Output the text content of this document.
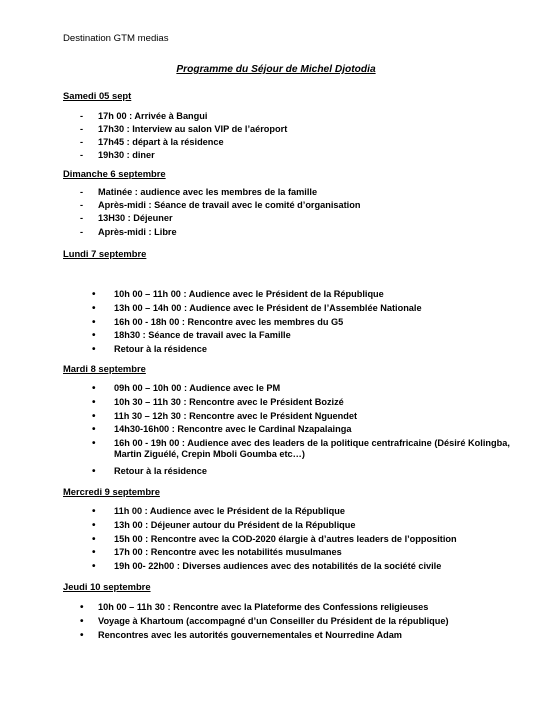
Destination GTM medias
Programme du Séjour de Michel Djotodia
Samedi 05 sept
- 17h 00 : Arrivée à Bangui
- 17h30 : Interview au salon VIP de l’aéroport
- 17h45 : départ à la résidence
- 19h30 : diner
Dimanche 6 septembre
- Matinée : audience avec les membres de la famille
- Après-midi : Séance de travail avec le comité d’organisation
- 13H30 : Déjeuner
- Après-midi : Libre
Lundi 7 septembre
• 10h 00 – 11h 00 : Audience avec le Président de la République
• 13h 00 – 14h 00 : Audience avec le Président de l’Assemblée Nationale
• 16h 00 - 18h 00 : Rencontre avec les membres du G5
• 18h30 : Séance de travail avec la Famille
• Retour à la résidence
Mardi 8 septembre
• 09h 00 – 10h 00 : Audience avec le PM
• 10h 30 – 11h 30 : Rencontre avec le Président Bozizé
• 11h 30 – 12h 30 : Rencontre avec le Président Nguendet
• 14h30-16h00 : Rencontre avec le Cardinal Nzapalainga
• 16h 00 - 19h 00 : Audience avec des leaders de la politique centrafricaine (Désiré Kolingba, Martin Ziguélé, Crepin Mboli Goumba etc…)
• Retour à la résidence
Mercredi 9 septembre
• 11h 00 : Audience avec le Président de la République
• 13h 00 : Déjeuner autour du Président de la République
• 15h 00 : Rencontre avec la COD-2020 élargie à d’autres leaders de l’opposition
• 17h 00 : Rencontre avec les notabilités musulmanes
• 19h 00- 22h00 : Diverses audiences avec des notabilités de la société civile
Jeudi 10 septembre
• 10h 00 – 11h 30 : Rencontre avec la Plateforme des Confessions religieuses
• Voyage à Khartoum (accompagné d’un Conseiller du Président de la république)
• Rencontres avec les autorités gouvernementales et Nourredine Adam
